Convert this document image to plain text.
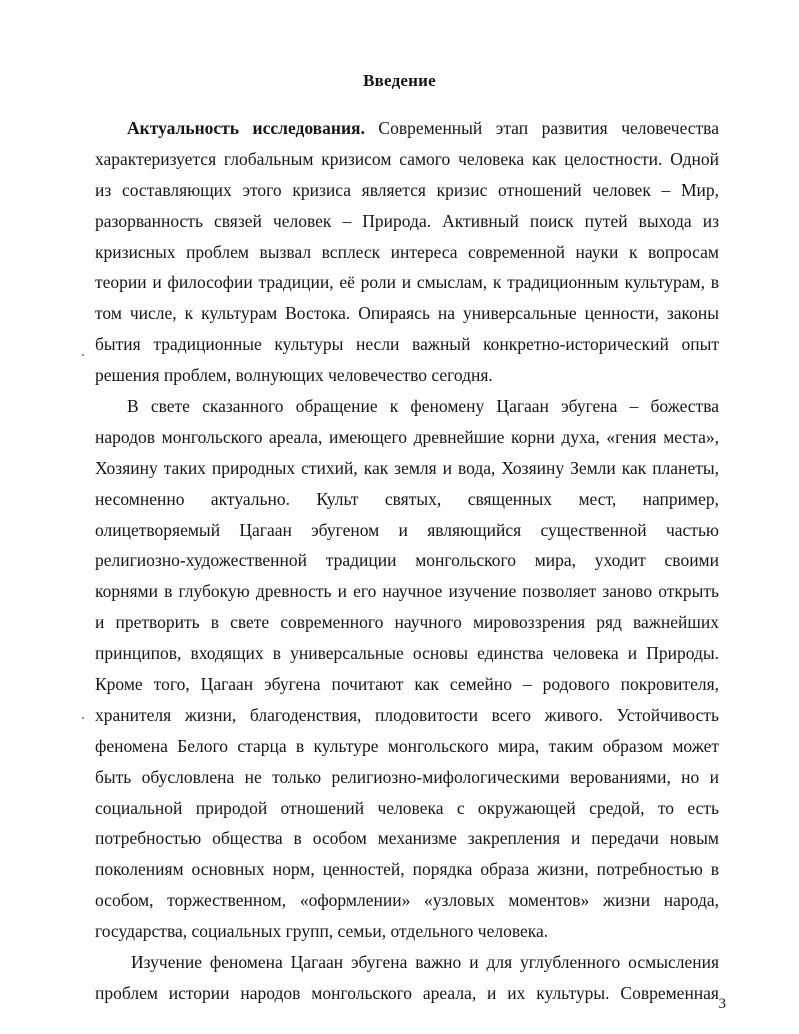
Введение
Актуальность исследования. Современный этап развития человечества
характеризуется глобальным кризисом самого человека как целостности. Одной
из составляющих этого кризиса является кризис отношений человек – Мир,
разорванность связей человек – Природа. Активный поиск путей выхода из
кризисных проблем вызвал всплеск интереса современной науки к вопросам
теории и философии традиции, её роли и смыслам, к традиционным культурам, в
том числе, к культурам Востока. Опираясь на универсальные ценности, законы
бытия традиционные культуры несли важный конкретно-исторический опыт
решения проблем, волнующих человечество сегодня.
В свете сказанного обращение к феномену Цагаан эбугена – божества
народов монгольского ареала, имеющего древнейшие корни духа, «гения места»,
Хозяину таких природных стихий, как земля и вода, Хозяину Земли как планеты,
несомненно актуально. Культ святых, священных мест, например,
олицетворяемый Цагаан эбугеном и являющийся существенной частью
религиозно-художественной традиции монгольского мира, уходит своими
корнями в глубокую древность и его научное изучение позволяет заново открыть
и претворить в свете современного научного мировоззрения ряд важнейших
принципов, входящих в универсальные основы единства человека и Природы.
Кроме того, Цагаан эбугена почитают как семейно – родового покровителя,
хранителя жизни, благоденствия, плодовитости всего живого. Устойчивость
феномена Белого старца в культуре монгольского мира, таким образом может
быть обусловлена не только религиозно-мифологическими верованиями, но и
социальной природой отношений человека с окружающей средой, то есть
потребностью общества в особом механизме закрепления и передачи новым
поколениям основных норм, ценностей, порядка образа жизни, потребностью в
особом, торжественном, «оформлении» «узловых моментов» жизни народа,
государства, социальных групп, семьи, отдельного человека.
Изучение феномена Цагаан эбугена важно и для углубленного осмысления
проблем истории народов монгольского ареала, и их культуры. Современная
3
